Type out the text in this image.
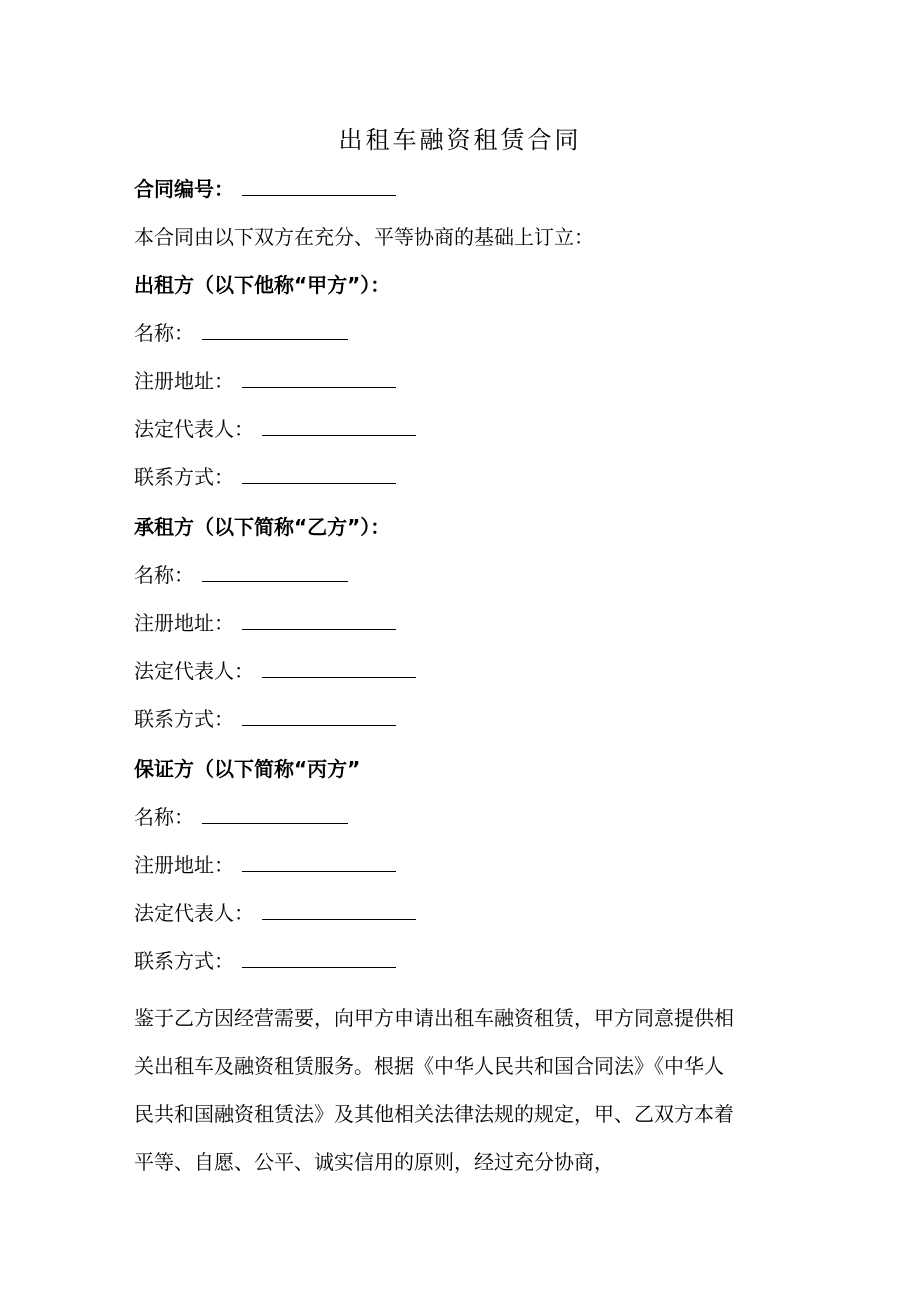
出租车融资租赁合同
合同编号：
本合同由以下双方在充分、平等协商的基础上订立：
出租方（以下他称“甲方”）：
名称：
注册地址：
法定代表人：
联系方式：
承租方（以下简称“乙方”）：
名称：
注册地址：
法定代表人：
联系方式：
保证方（以下简称“丙方”
名称：
注册地址：
法定代表人：
联系方式：
鉴于乙方因经营需要，向甲方申请出租车融资租赁，甲方同意提供相
关出租车及融资租赁服务。根据《中华人民共和国合同法》《中华人
民共和国融资租赁法》及其他相关法律法规的规定，甲、乙双方本着
平等、自愿、公平、诚实信用的原则，经过充分协商，
